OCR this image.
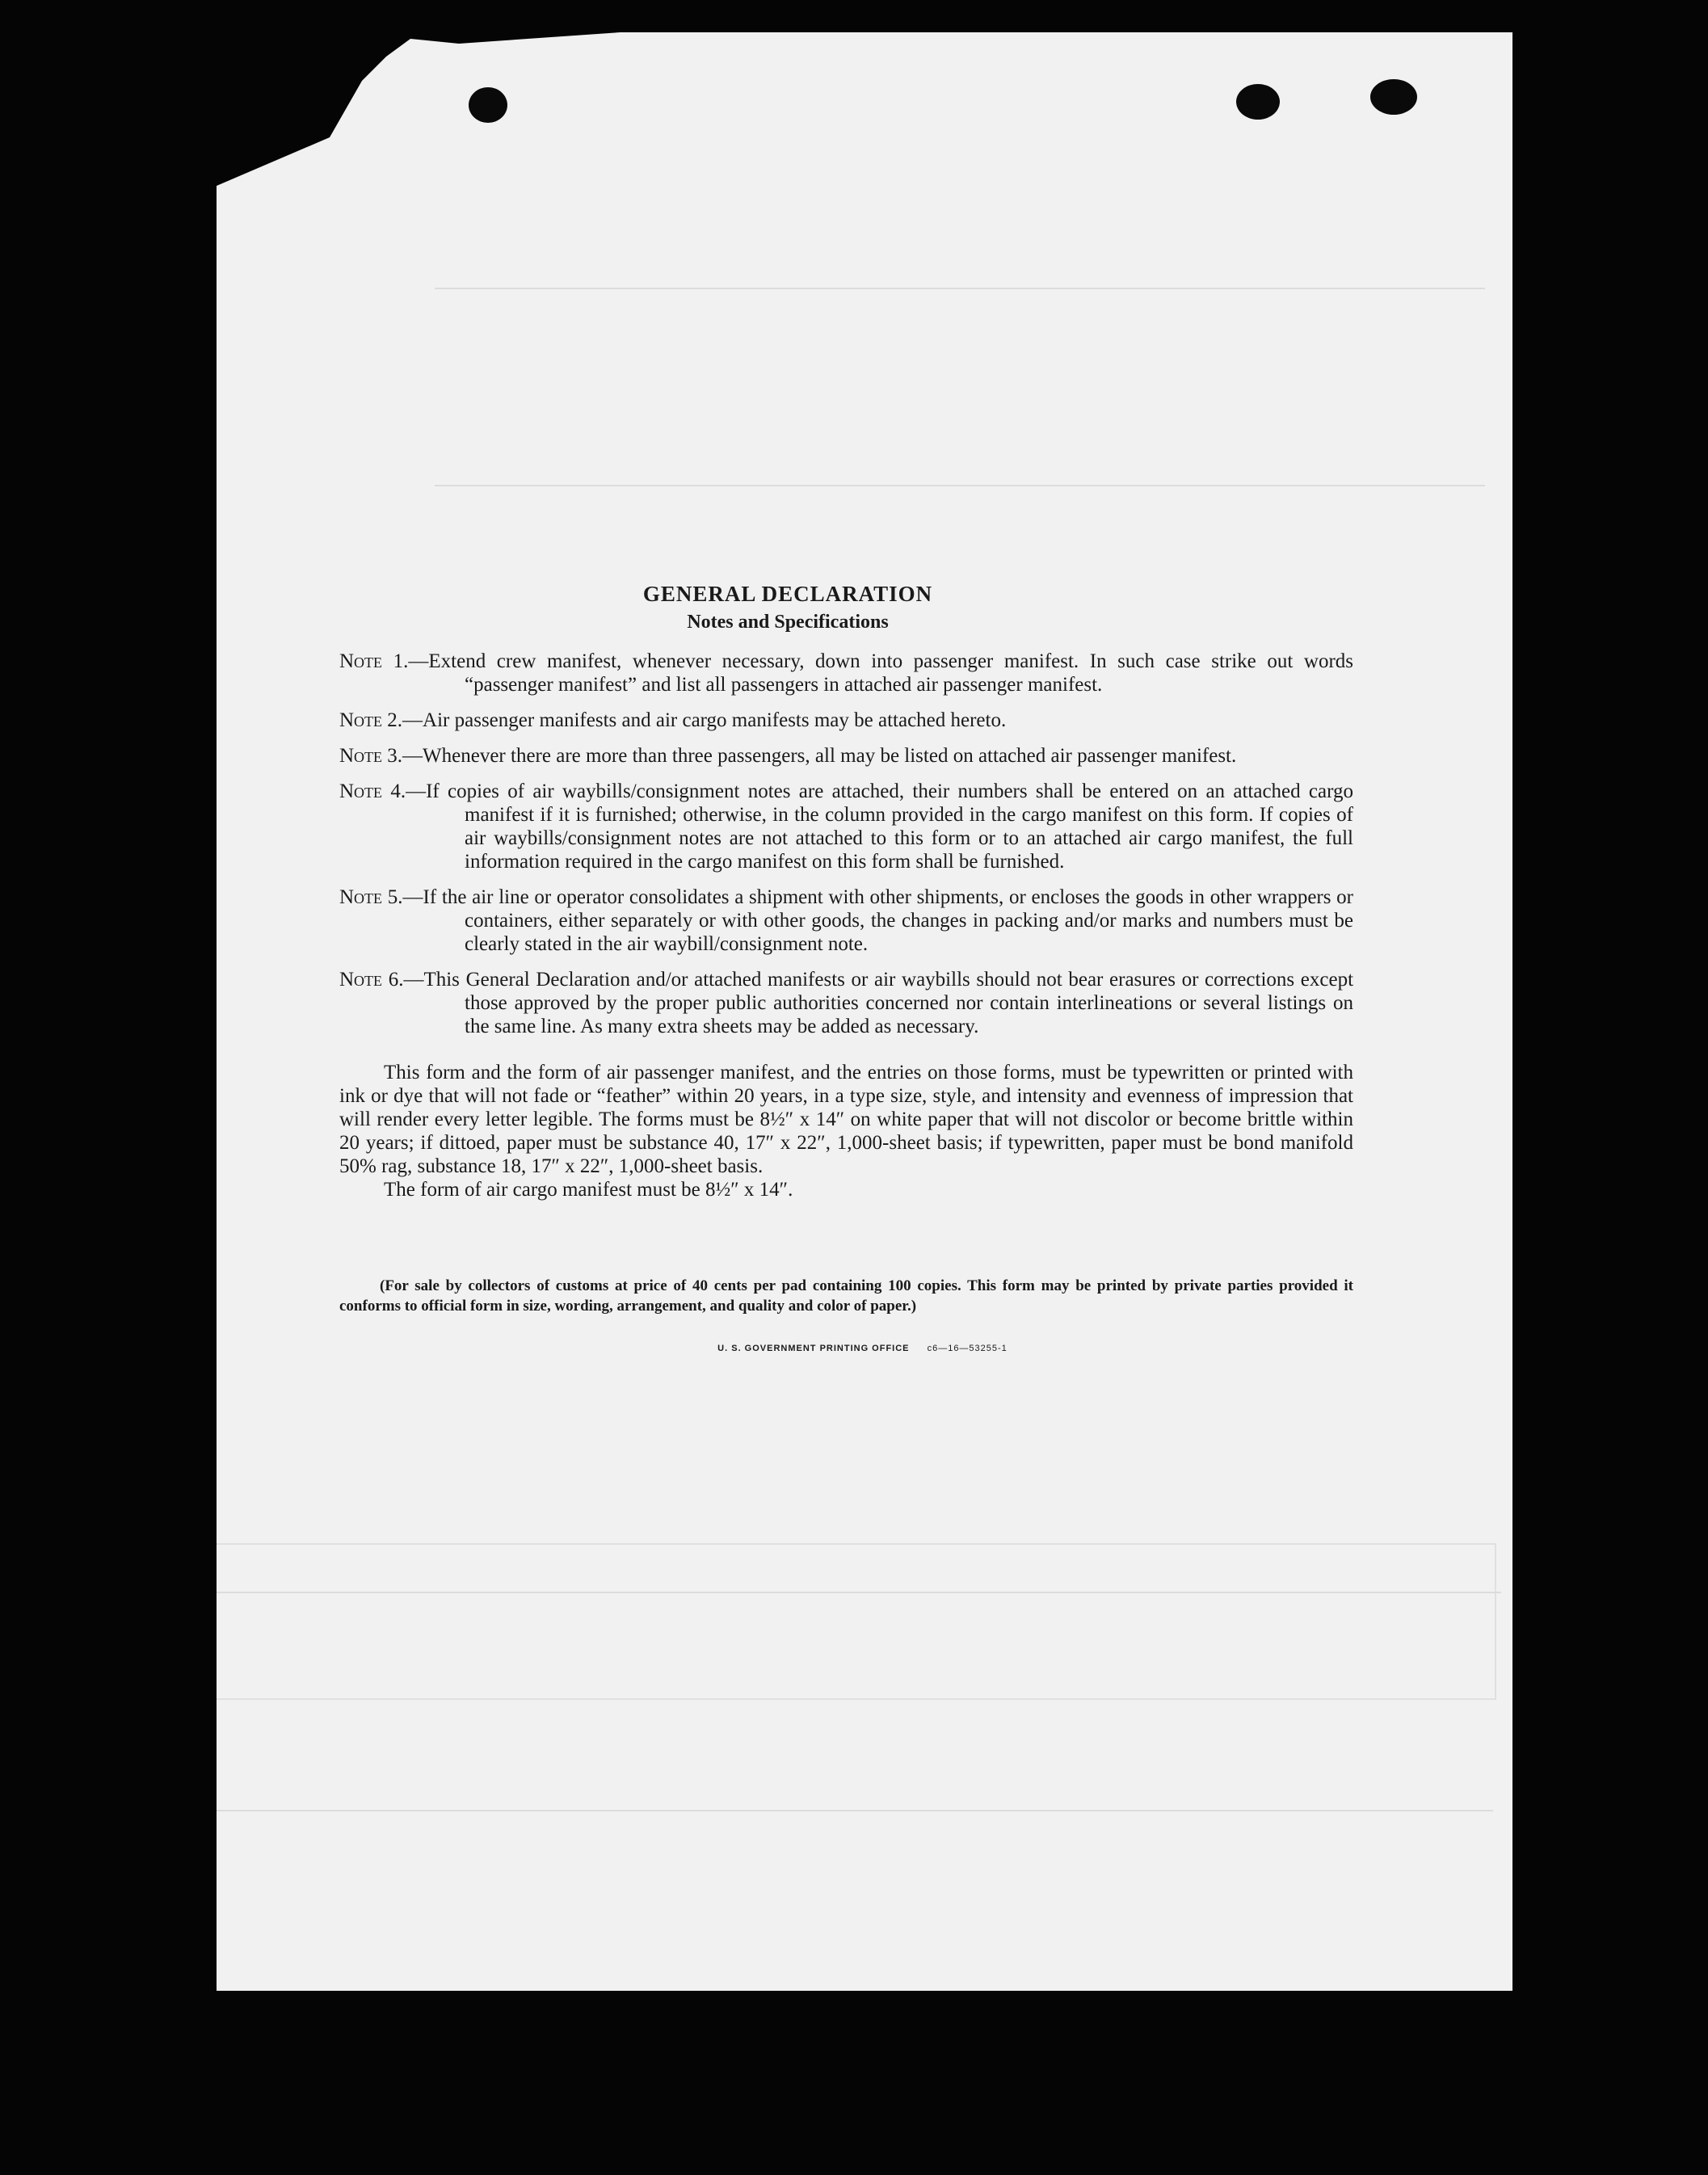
GENERAL DECLARATION
Notes and Specifications
Note 1.—Extend crew manifest, whenever necessary, down into passenger manifest. In such case strike out words “passenger manifest” and list all passengers in attached air passenger manifest.
Note 2.—Air passenger manifests and air cargo manifests may be attached hereto.
Note 3.—Whenever there are more than three passengers, all may be listed on attached air passenger manifest.
Note 4.—If copies of air waybills/consignment notes are attached, their numbers shall be entered on an attached cargo manifest if it is furnished; otherwise, in the column provided in the cargo manifest on this form. If copies of air waybills/consignment notes are not attached to this form or to an attached air cargo manifest, the full information required in the cargo manifest on this form shall be furnished.
Note 5.—If the air line or operator consolidates a shipment with other shipments, or encloses the goods in other wrappers or containers, either separately or with other goods, the changes in packing and/or marks and numbers must be clearly stated in the air waybill/consignment note.
Note 6.—This General Declaration and/or attached manifests or air waybills should not bear erasures or corrections except those approved by the proper public authorities concerned nor contain interlineations or several listings on the same line. As many extra sheets may be added as necessary.
This form and the form of air passenger manifest, and the entries on those forms, must be typewritten or printed with ink or dye that will not fade or “feather” within 20 years, in a type size, style, and intensity and evenness of impression that will render every letter legible. The forms must be 8½″ x 14″ on white paper that will not discolor or become brittle within 20 years; if dittoed, paper must be substance 40, 17″ x 22″, 1,000-sheet basis; if typewritten, paper must be bond manifold 50% rag, substance 18, 17″ x 22″, 1,000-sheet basis.
The form of air cargo manifest must be 8½″ x 14″.
(For sale by collectors of customs at price of 40 cents per pad containing 100 copies. This form may be printed by private parties provided it conforms to official form in size, wording, arrangement, and quality and color of paper.)
U. S. GOVERNMENT PRINTING OFFICE c6—16—53255-1
